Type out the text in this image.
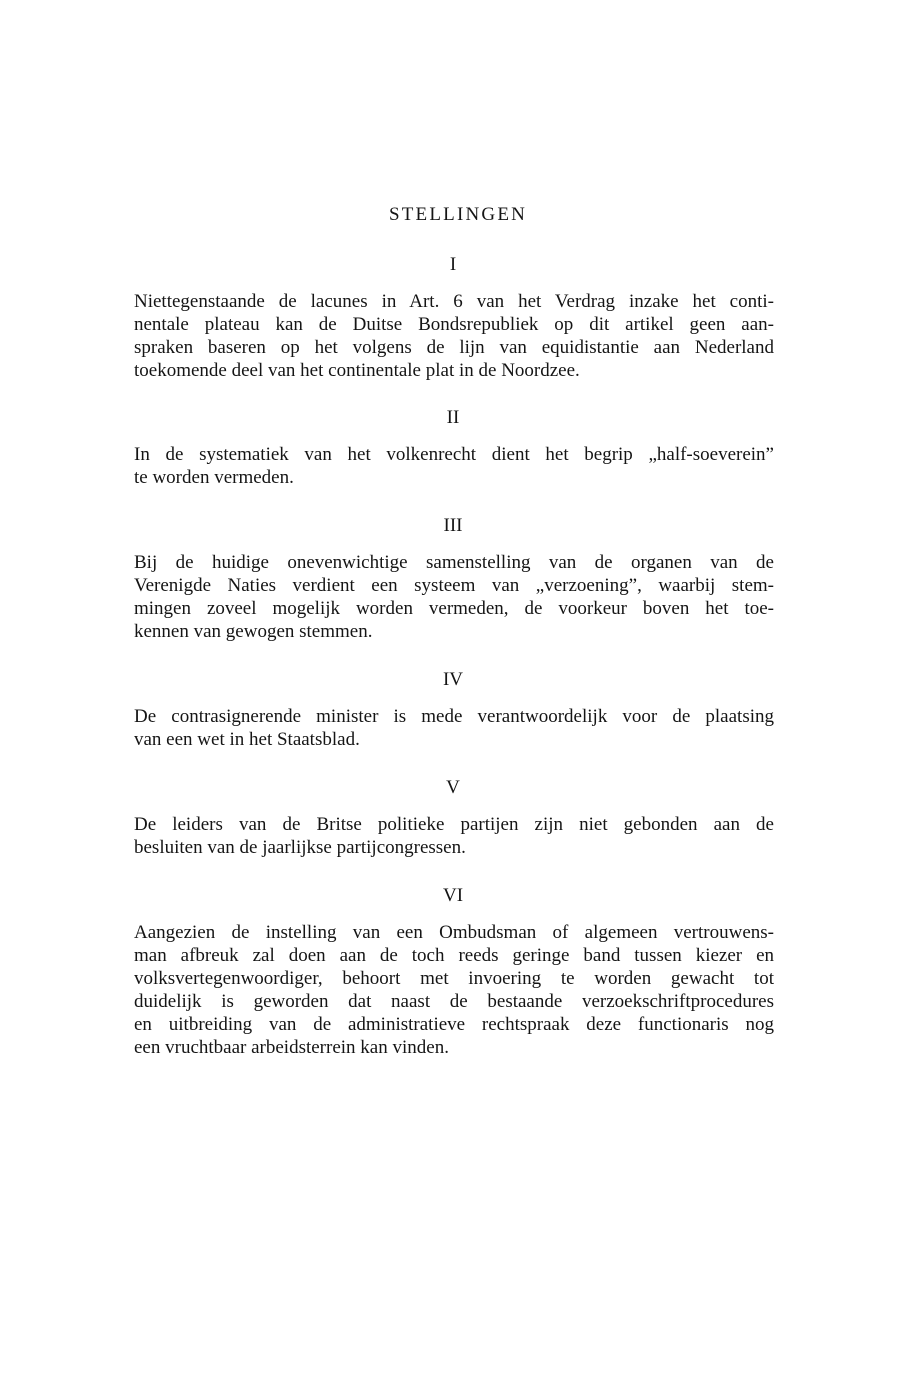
STELLINGEN
I
Niettegenstaande de lacunes in Art. 6 van het Verdrag inzake het conti-
nentale plateau kan de Duitse Bondsrepubliek op dit artikel geen aan-
spraken baseren op het volgens de lijn van equidistantie aan Nederland
toekomende deel van het continentale plat in de Noordzee.
II
In de systematiek van het volkenrecht dient het begrip „half-soeverein”
te worden vermeden.
III
Bij de huidige onevenwichtige samenstelling van de organen van de
Verenigde Naties verdient een systeem van „verzoening”, waarbij stem-
mingen zoveel mogelijk worden vermeden, de voorkeur boven het toe-
kennen van gewogen stemmen.
IV
De contrasignerende minister is mede verantwoordelijk voor de plaatsing
van een wet in het Staatsblad.
V
De leiders van de Britse politieke partijen zijn niet gebonden aan de
besluiten van de jaarlijkse partijcongressen.
VI
Aangezien de instelling van een Ombudsman of algemeen vertrouwens-
man afbreuk zal doen aan de toch reeds geringe band tussen kiezer en
volksvertegenwoordiger, behoort met invoering te worden gewacht tot
duidelijk is geworden dat naast de bestaande verzoekschriftprocedures
en uitbreiding van de administratieve rechtspraak deze functionaris nog
een vruchtbaar arbeidsterrein kan vinden.
